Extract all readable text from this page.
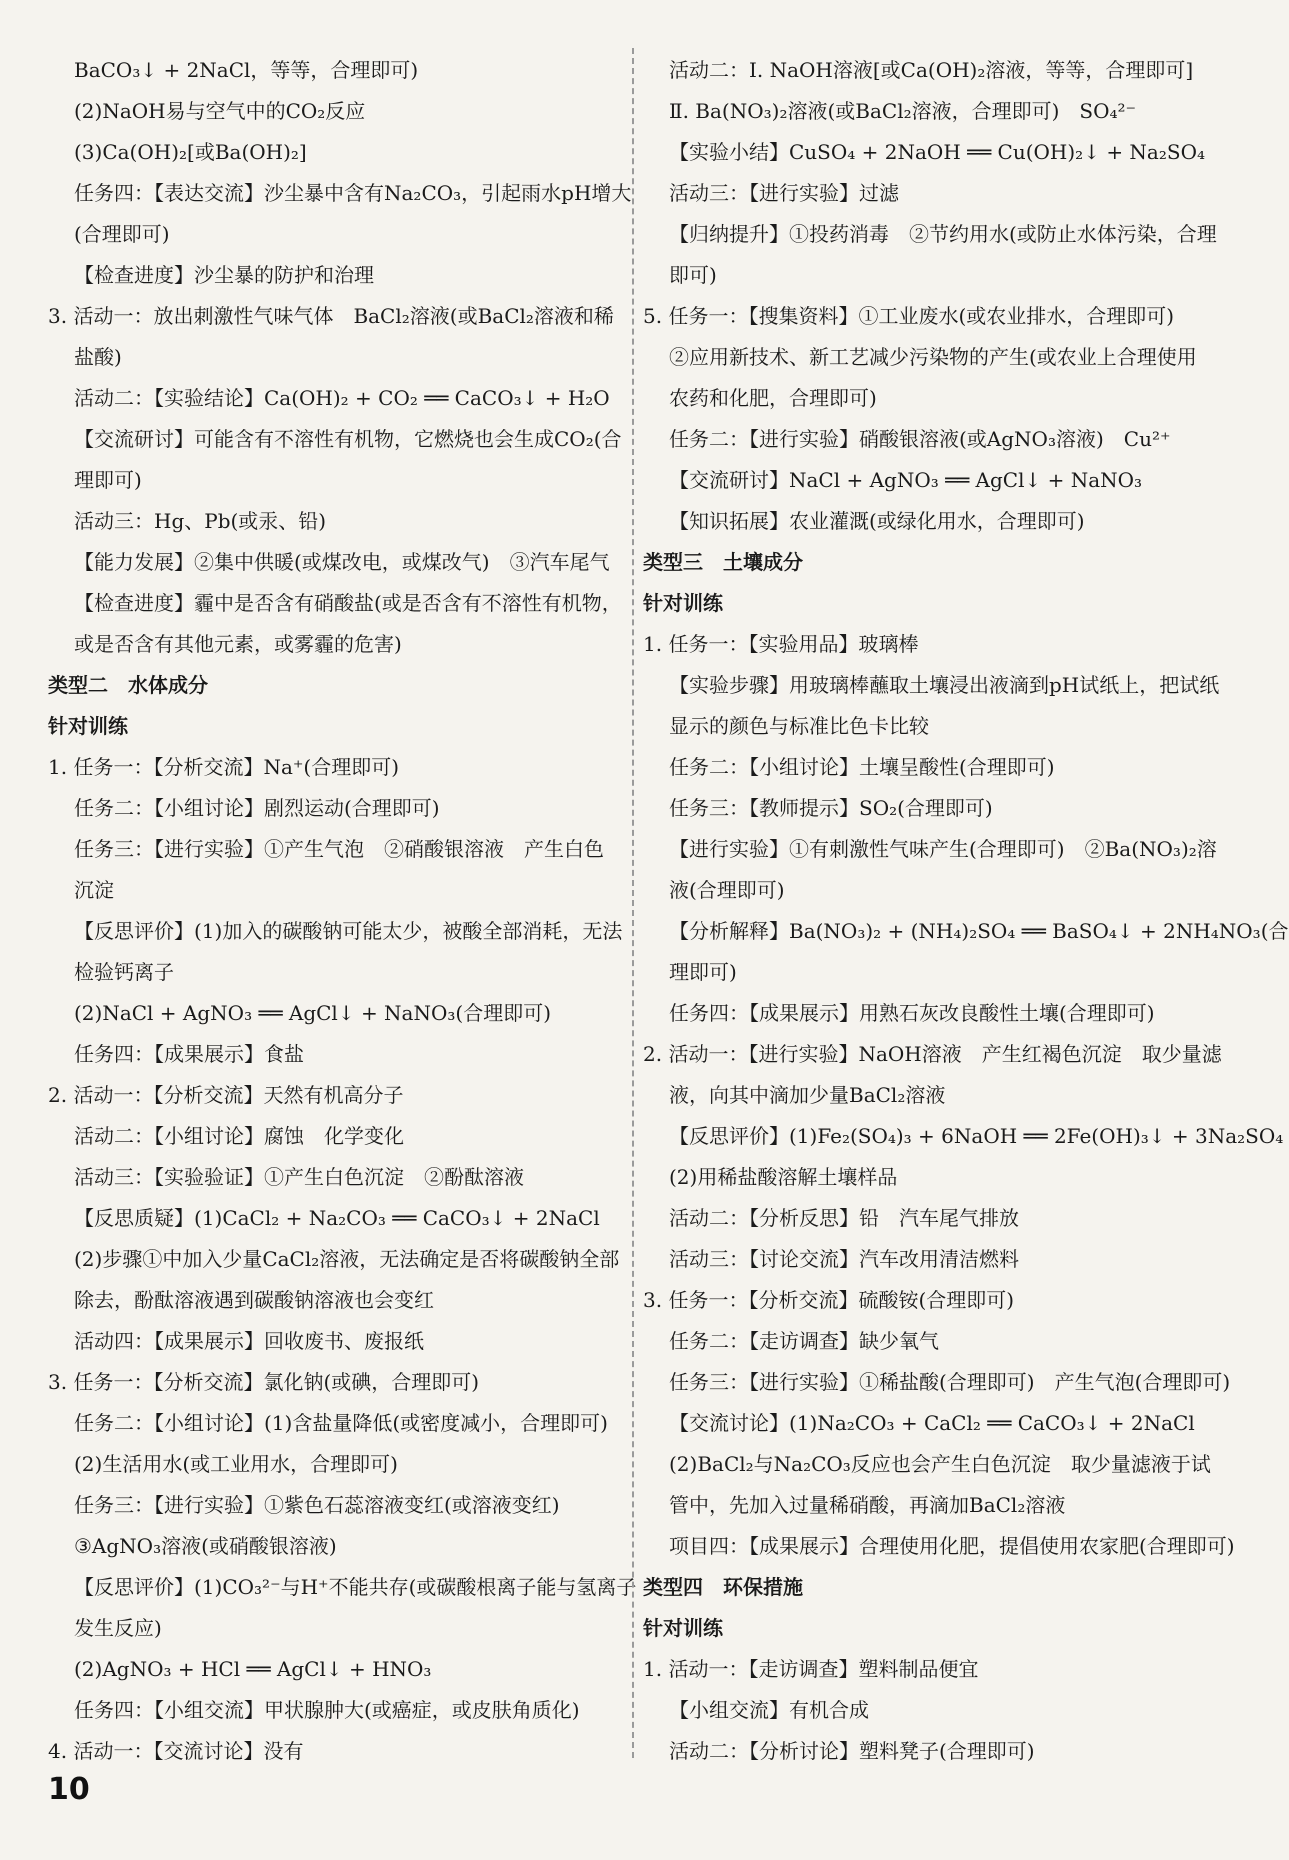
BaCO₃↓ + 2NaCl，等等，合理即可)
(2)NaOH易与空气中的CO₂反应
(3)Ca(OH)₂[或Ba(OH)₂]
任务四：【表达交流】沙尘暴中含有Na₂CO₃，引起雨水pH增大
(合理即可)
【检查进度】沙尘暴的防护和治理
3. 活动一：放出刺激性气味气体　BaCl₂溶液(或BaCl₂溶液和稀
盐酸)
活动二：【实验结论】Ca(OH)₂ + CO₂ ══ CaCO₃↓ + H₂O
【交流研讨】可能含有不溶性有机物，它燃烧也会生成CO₂(合
理即可)
活动三：Hg、Pb(或汞、铅)
【能力发展】②集中供暖(或煤改电，或煤改气)　③汽车尾气
【检查进度】霾中是否含有硝酸盐(或是否含有不溶性有机物，
或是否含有其他元素，或雾霾的危害)
类型二　水体成分
针对训练
1. 任务一：【分析交流】Na⁺(合理即可)
任务二：【小组讨论】剧烈运动(合理即可)
任务三：【进行实验】①产生气泡　②硝酸银溶液　产生白色
沉淀
【反思评价】(1)加入的碳酸钠可能太少，被酸全部消耗，无法
检验钙离子
(2)NaCl + AgNO₃ ══ AgCl↓ + NaNO₃(合理即可)
任务四：【成果展示】食盐
2. 活动一：【分析交流】天然有机高分子
活动二：【小组讨论】腐蚀　化学变化
活动三：【实验验证】①产生白色沉淀　②酚酞溶液
【反思质疑】(1)CaCl₂ + Na₂CO₃ ══ CaCO₃↓ + 2NaCl
(2)步骤①中加入少量CaCl₂溶液，无法确定是否将碳酸钠全部
除去，酚酞溶液遇到碳酸钠溶液也会变红
活动四：【成果展示】回收废书、废报纸
3. 任务一：【分析交流】氯化钠(或碘，合理即可)
任务二：【小组讨论】(1)含盐量降低(或密度减小，合理即可)
(2)生活用水(或工业用水，合理即可)
任务三：【进行实验】①紫色石蕊溶液变红(或溶液变红)
③AgNO₃溶液(或硝酸银溶液)
【反思评价】(1)CO₃²⁻与H⁺不能共存(或碳酸根离子能与氢离子
发生反应)
(2)AgNO₃ + HCl ══ AgCl↓ + HNO₃
任务四：【小组交流】甲状腺肿大(或癌症，或皮肤角质化)
4. 活动一：【交流讨论】没有
活动二：Ⅰ. NaOH溶液[或Ca(OH)₂溶液，等等，合理即可]
Ⅱ. Ba(NO₃)₂溶液(或BaCl₂溶液，合理即可)　SO₄²⁻
【实验小结】CuSO₄ + 2NaOH ══ Cu(OH)₂↓ + Na₂SO₄
活动三：【进行实验】过滤
【归纳提升】①投药消毒　②节约用水(或防止水体污染，合理
即可)
5. 任务一：【搜集资料】①工业废水(或农业排水，合理即可)
②应用新技术、新工艺减少污染物的产生(或农业上合理使用
农药和化肥，合理即可)
任务二：【进行实验】硝酸银溶液(或AgNO₃溶液)　Cu²⁺
【交流研讨】NaCl + AgNO₃ ══ AgCl↓ + NaNO₃
【知识拓展】农业灌溉(或绿化用水，合理即可)
类型三　土壤成分
针对训练
1. 任务一：【实验用品】玻璃棒
【实验步骤】用玻璃棒蘸取土壤浸出液滴到pH试纸上，把试纸
显示的颜色与标准比色卡比较
任务二：【小组讨论】土壤呈酸性(合理即可)
任务三：【教师提示】SO₂(合理即可)
【进行实验】①有刺激性气味产生(合理即可)　②Ba(NO₃)₂溶
液(合理即可)
【分析解释】Ba(NO₃)₂ + (NH₄)₂SO₄ ══ BaSO₄↓ + 2NH₄NO₃(合
理即可)
任务四：【成果展示】用熟石灰改良酸性土壤(合理即可)
2. 活动一：【进行实验】NaOH溶液　产生红褐色沉淀　取少量滤
液，向其中滴加少量BaCl₂溶液
【反思评价】(1)Fe₂(SO₄)₃ + 6NaOH ══ 2Fe(OH)₃↓ + 3Na₂SO₄
(2)用稀盐酸溶解土壤样品
活动二：【分析反思】铅　汽车尾气排放
活动三：【讨论交流】汽车改用清洁燃料
3. 任务一：【分析交流】硫酸铵(合理即可)
任务二：【走访调查】缺少氧气
任务三：【进行实验】①稀盐酸(合理即可)　产生气泡(合理即可)
【交流讨论】(1)Na₂CO₃ + CaCl₂ ══ CaCO₃↓ + 2NaCl
(2)BaCl₂与Na₂CO₃反应也会产生白色沉淀　取少量滤液于试
管中，先加入过量稀硝酸，再滴加BaCl₂溶液
项目四：【成果展示】合理使用化肥，提倡使用农家肥(合理即可)
类型四　环保措施
针对训练
1. 活动一：【走访调查】塑料制品便宜
【小组交流】有机合成
活动二：【分析讨论】塑料凳子(合理即可)
10
